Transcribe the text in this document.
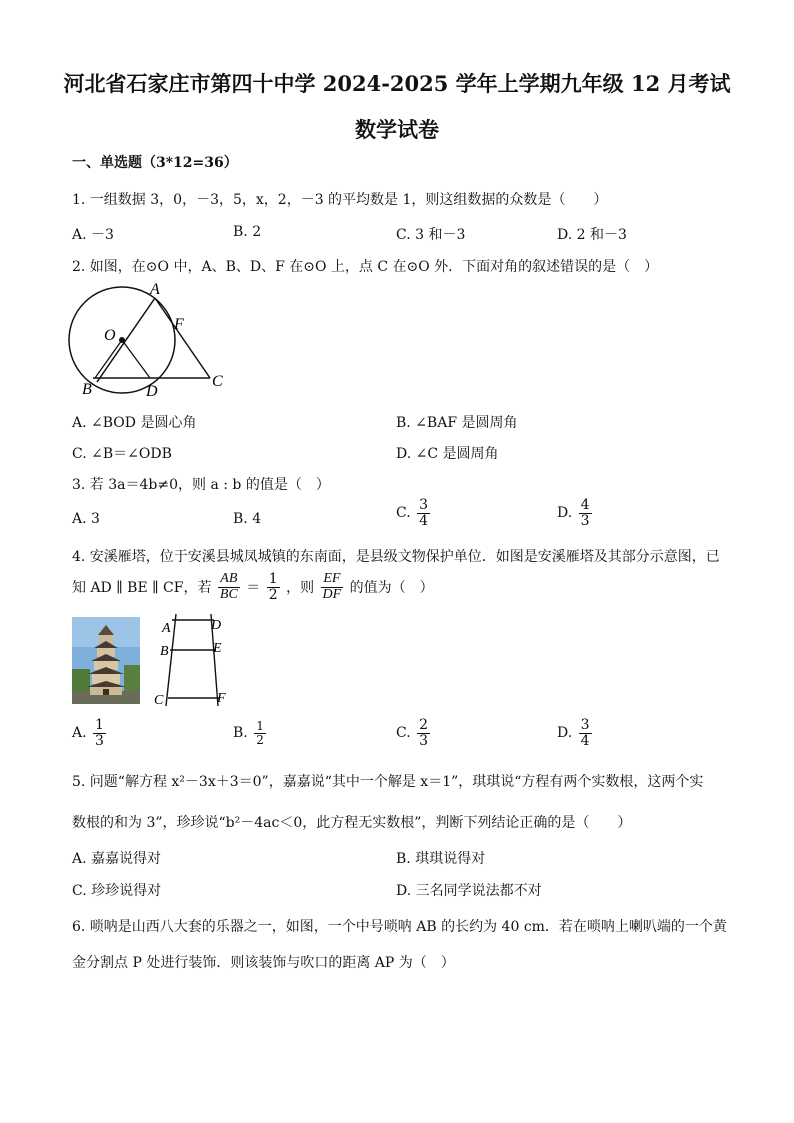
河北省石家庄市第四十中学 2024-2025 学年上学期九年级 12 月考试
数学试卷
一、单选题（3*12=36）
1. 一组数据 3，0，－3，5，x，2，－3 的平均数是 1，则这组数据的众数是（　　）
A. －3	B. 2	C. 3 和－3	D. 2 和－3
2. 如图，在⊙O 中，A、B、D、F 在⊙O 上，点 C 在⊙O 外．下面对角的叙述错误的是（　）
A
O
F
B	D
C
A. ∠BOD 是圆心角	B. ∠BAF 是圆周角
C. ∠B＝∠ODB	D. ∠C 是圆周角
3. 若 3a＝4b≠0，则 a : b 的值是（　）
A. 3	B. 4	C. $\frac{3}{4}$	D. $\frac{4}{3}$
4. 安溪雁塔，位于安溪县城凤城镇的东南面，是县级文物保护单位．如图是安溪雁塔及其部分示意图，已
知 AD ∥ BE ∥ CF，若 $\frac{AB}{BC} = \frac{1}{2}$ ，则 $\frac{EF}{DF}$ 的值为（　）
A	D
B	E
C	F
A. $\frac{1}{3}$	B. $\frac{1}{2}$	C. $\frac{2}{3}$	D. $\frac{3}{4}$
5. 问题“解方程 x²－3x＋3＝0”，嘉嘉说“其中一个解是 x＝1”，琪琪说“方程有两个实数根，这两个实
数根的和为 3”，珍珍说“b²－4ac＜0，此方程无实数根”，判断下列结论正确的是（　　）
A. 嘉嘉说得对	B. 琪琪说得对
C. 珍珍说得对	D. 三名同学说法都不对
6. 唢呐是山西八大套的乐器之一，如图，一个中号唢呐 AB 的长约为 40 cm．若在唢呐上喇叭端的一个黄
金分割点 P 处进行装饰．则该装饰与吹口的距离 AP 为（　）
